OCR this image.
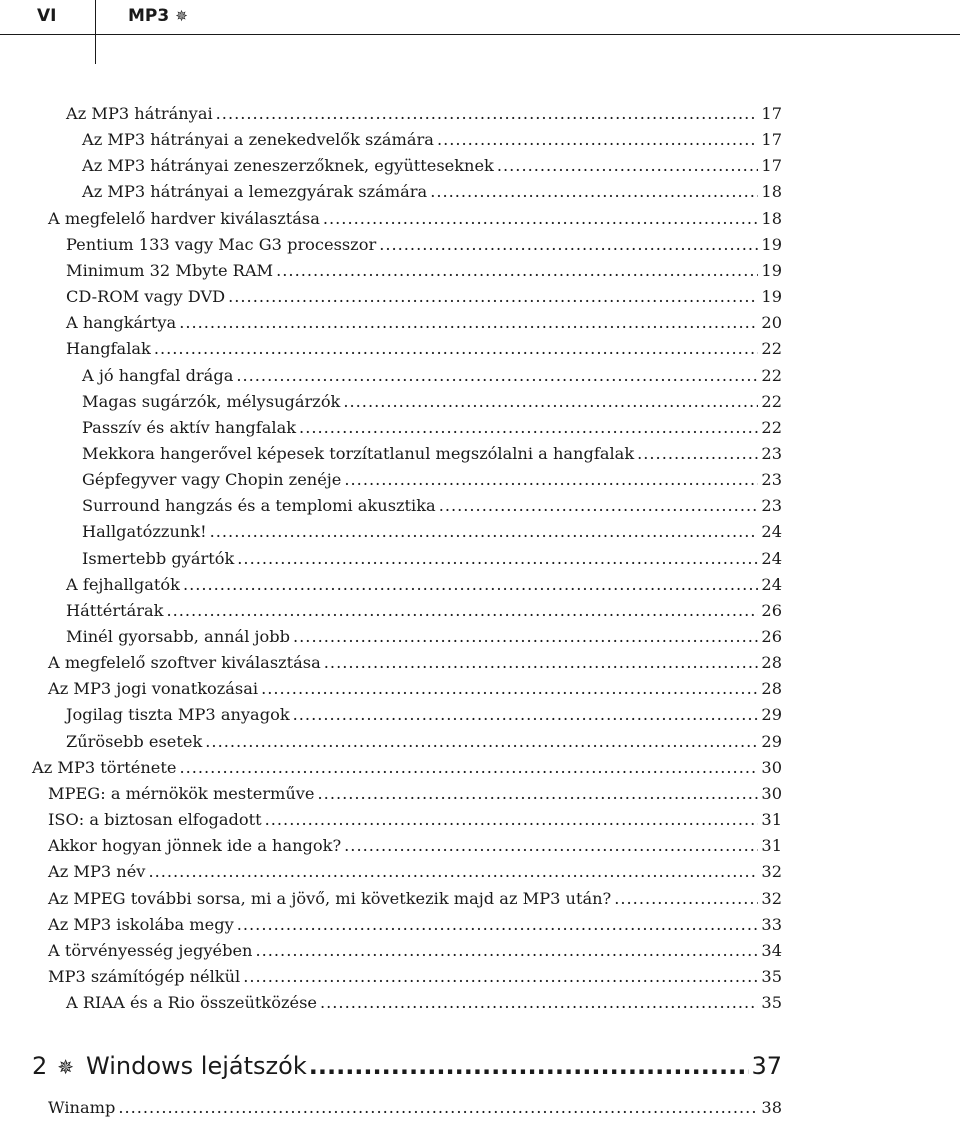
VI	MP3 ✵
Az MP3 hátrányai .....	17
Az MP3 hátrányai a zenekedvelők számára .....	17
Az MP3 hátrányai zeneszerzőknek, együtteseknek .....	17
Az MP3 hátrányai a lemezgyárak számára .....	18
A megfelelő hardver kiválasztása .....	18
Pentium 133 vagy Mac G3 processzor .....	19
Minimum 32 Mbyte RAM .....	19
CD-ROM vagy DVD .....	19
A hangkártya .....	20
Hangfalak .....	22
A jó hangfal drága .....	22
Magas sugárzók, mélysugárzók .....	22
Passzív és aktív hangfalak .....	22
Mekkora hangerővel képesek torzítatlanul megszólalni a hangfalak .....	23
Gépfegyver vagy Chopin zenéje .....	23
Surround hangzás és a templomi akusztika .....	23
Hallgatózzunk! .....	24
Ismertebb gyártók .....	24
A fejhallgatók .....	24
Háttértárak .....	26
Minél gyorsabb, annál jobb .....	26
A megfelelő szoftver kiválasztása .....	28
Az MP3 jogi vonatkozásai .....	28
Jogilag tiszta MP3 anyagok .....	29
Zűrösebb esetek .....	29
Az MP3 története .....	30
MPEG: a mérnökök mesterműve .....	30
ISO: a biztosan elfogadott .....	31
Akkor hogyan jönnek ide a hangok? .....	31
Az MP3 név .....	32
Az MPEG további sorsa, mi a jövő, mi következik majd az MP3 után? .....	32
Az MP3 iskolába megy .....	33
A törvényesség jegyében .....	34
MP3 számítógép nélkül .....	35
A RIAA és a Rio összeütközése .....	35
2 ✵ Windows lejátszók .....	37
Winamp .....	38
